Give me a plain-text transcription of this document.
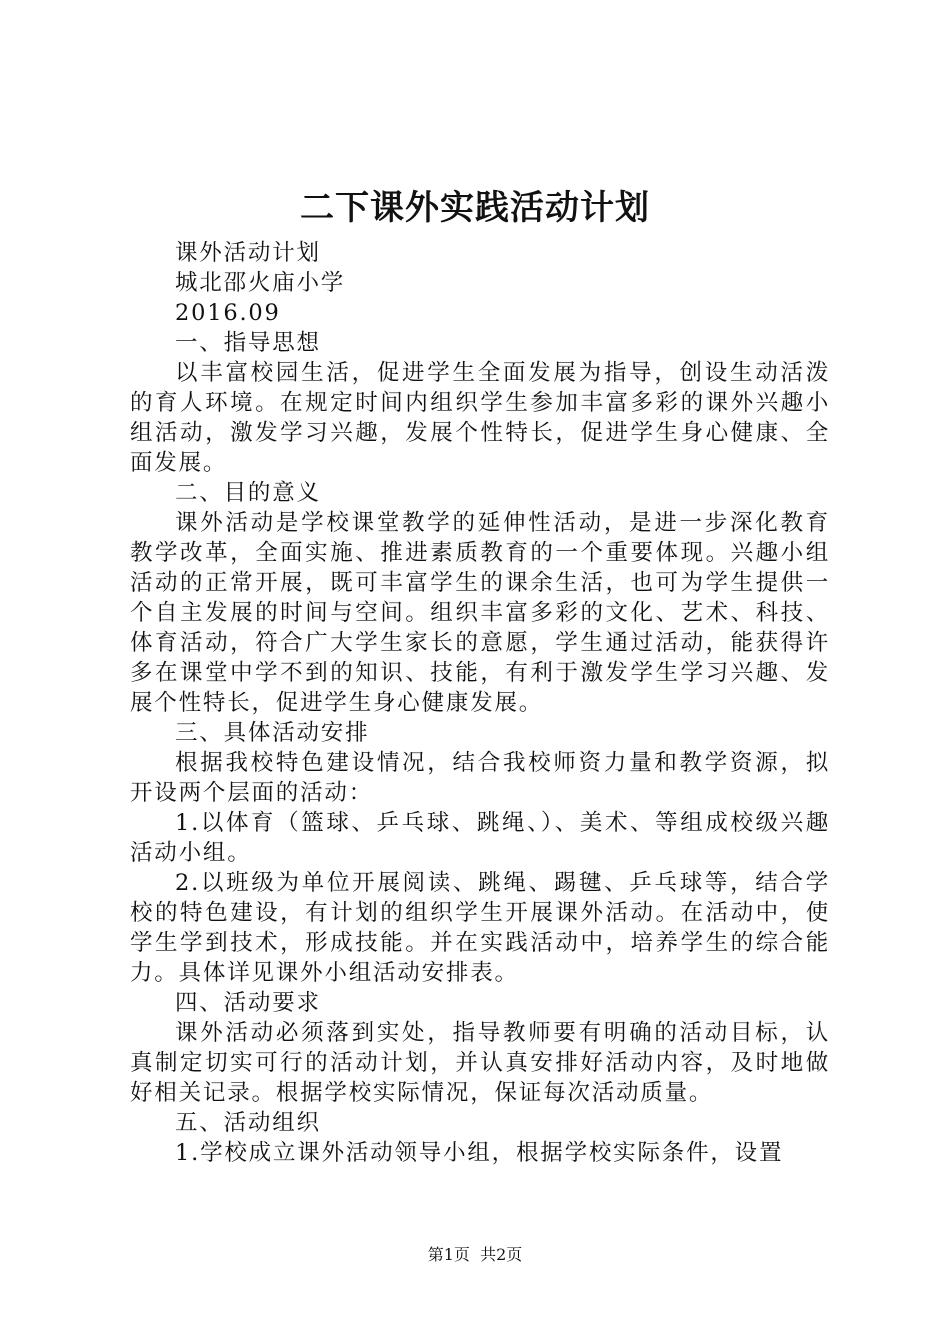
二下课外实践活动计划

课外活动计划

城北邵火庙小学

2016.09

一、指导思想

以丰富校园生活，促进学生全面发展为指导，创设生动活泼的育人环境。在规定时间内组织学生参加丰富多彩的课外兴趣小组活动，激发学习兴趣，发展个性特长，促进学生身心健康、全面发展。

二、目的意义

课外活动是学校课堂教学的延伸性活动，是进一步深化教育教学改革，全面实施、推进素质教育的一个重要体现。兴趣小组活动的正常开展，既可丰富学生的课余生活，也可为学生提供一个自主发展的时间与空间。组织丰富多彩的文化、艺术、科技、体育活动，符合广大学生家长的意愿，学生通过活动，能获得许多在课堂中学不到的知识、技能，有利于激发学生学习兴趣、发展个性特长，促进学生身心健康发展。

三、具体活动安排

根据我校特色建设情况，结合我校师资力量和教学资源，拟开设两个层面的活动：

1.以体育（篮球、乒乓球、跳绳、）、美术、等组成校级兴趣活动小组。

2.以班级为单位开展阅读、跳绳、踢毽、乒乓球等，结合学校的特色建设，有计划的组织学生开展课外活动。在活动中，使学生学到技术，形成技能。并在实践活动中，培养学生的综合能力。具体详见课外小组活动安排表。

四、活动要求

课外活动必须落到实处，指导教师要有明确的活动目标，认真制定切实可行的活动计划，并认真安排好活动内容，及时地做好相关记录。根据学校实际情况，保证每次活动质量。

五、活动组织

1.学校成立课外活动领导小组，根据学校实际条件，设置

第1页  共2页
